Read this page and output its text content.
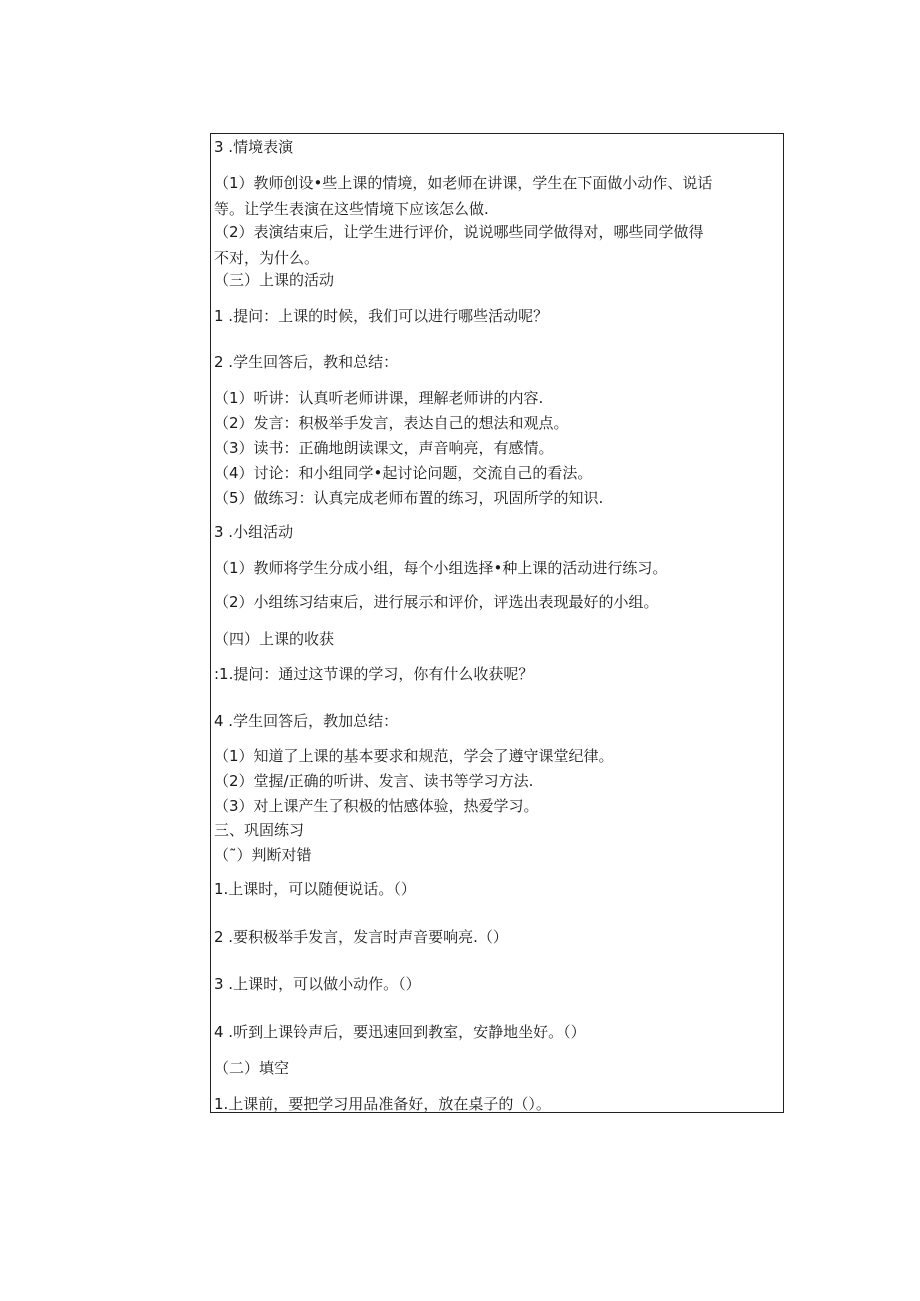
3 .情境表演
（1）教师创设•些上课的情境，如老师在讲课，学生在下面做小动作、说话
等。让学生表演在这些情境下应该怎么做.
（2）表演结束后，让学生进行评价，说说哪些同学做得对，哪些同学做得
不对，为什么。
（三）上课的活动
1 .提问：上课的时候，我们可以进行哪些活动呢？
2 .学生回答后，教和总结：
（1）听讲：认真听老师讲课，理解老师讲的内容.
（2）发言：积极举手发言，表达自己的想法和观点。
（3）读书：正确地朗读课文，声音响亮，有感情。
（4）讨论：和小组同学•起讨论问题，交流自己的看法。
（5）做练习：认真完成老师布置的练习，巩固所学的知识.
3 .小组活动
（1）教师将学生分成小组，每个小组选择•种上课的活动进行练习。
（2）小组练习结束后，进行展示和评价，评选出表现最好的小组。
（四）上课的收获
:1.提问：通过这节课的学习，你有什么收获呢？
4 .学生回答后，教加总结：
（1）知道了上课的基本要求和规范，学会了遵守课堂纪律。
（2）堂握/正确的听讲、发言、读书等学习方法.
（3）对上课产生了积极的怙感体验，热爱学习。
三、巩固练习
（˜）判断对错
1.上课时，可以随便说话。（）
2 .要积极举手发言，发言时声音要响亮.（）
3 .上课时，可以做小动作。（）
4 .听到上课铃声后，要迅速回到教室，安静地坐好。（）
（二）填空
1.上课前，要把学习用品准备好，放在桌子的（）。
